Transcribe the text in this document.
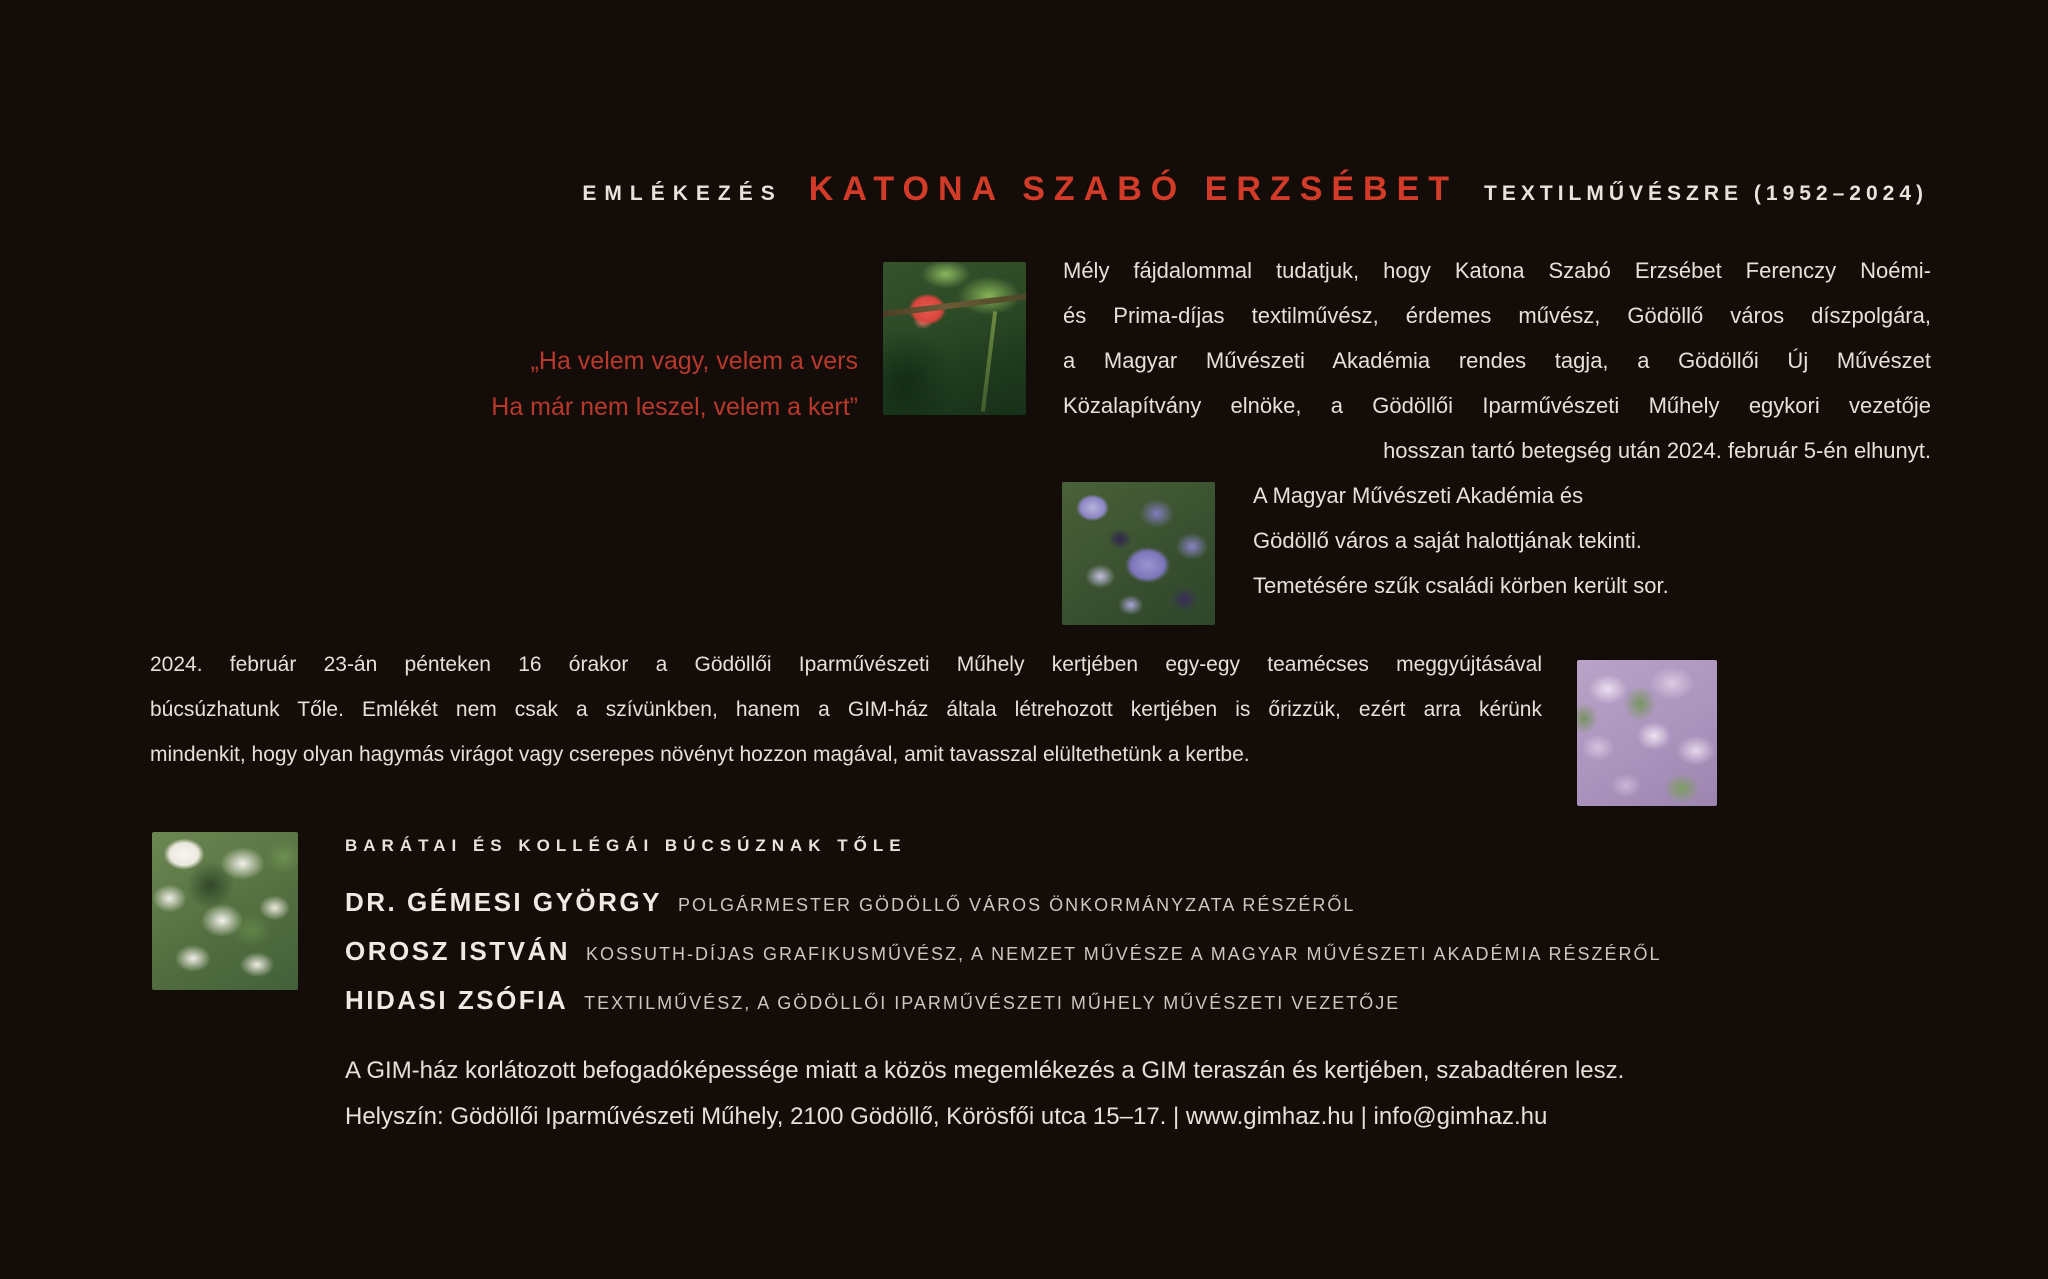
EMLÉKEZÉS KATONA SZABÓ ERZSÉBET TEXTILMŰVÉSZRE (1952–2024)
„Ha velem vagy, velem a vers
Ha már nem leszel, velem a kert”
Mély fájdalommal tudatjuk, hogy Katona Szabó Erzsébet Ferenczy Noémi-
és Prima-díjas textilművész, érdemes művész, Gödöllő város díszpolgára,
a Magyar Művészeti Akadémia rendes tagja, a Gödöllői Új Művészet
Közalapítvány elnöke, a Gödöllői Iparművészeti Műhely egykori vezetője
hosszan tartó betegség után 2024. február 5-én elhunyt.
A Magyar Művészeti Akadémia és
Gödöllő város a saját halottjának tekinti.
Temetésére szűk családi körben került sor.
2024. február 23-án pénteken 16 órakor a Gödöllői Iparművészeti Műhely kertjében egy-egy teamécses meggyújtásával
búcsúzhatunk Tőle. Emlékét nem csak a szívünkben, hanem a GIM-ház általa létrehozott kertjében is őrizzük, ezért arra kérünk
mindenkit, hogy olyan hagymás virágot vagy cserepes növényt hozzon magával, amit tavasszal elültethetünk a kertbe.
BARÁTAI ÉS KOLLÉGÁI BÚCSÚZNAK TŐLE
DR. GÉMESI GYÖRGY POLGÁRMESTER GÖDÖLLŐ VÁROS ÖNKORMÁNYZATA RÉSZÉRŐL
OROSZ ISTVÁN KOSSUTH-DÍJAS GRAFIKUSMŰVÉSZ, A NEMZET MŰVÉSZE A MAGYAR MŰVÉSZETI AKADÉMIA RÉSZÉRŐL
HIDASI ZSÓFIA TEXTILMŰVÉSZ, A GÖDÖLLŐI IPARMŰVÉSZETI MŰHELY MŰVÉSZETI VEZETŐJE
A GIM-ház korlátozott befogadóképessége miatt a közös megemlékezés a GIM teraszán és kertjében, szabadtéren lesz.
Helyszín: Gödöllői Iparművészeti Műhely, 2100 Gödöllő, Körösfői utca 15–17. | www.gimhaz.hu | info@gimhaz.hu
